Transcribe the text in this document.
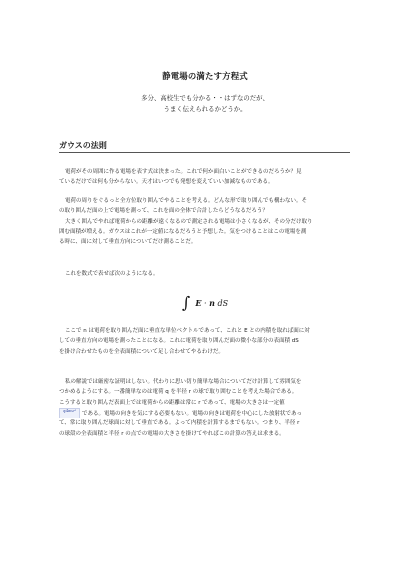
静電場の満たす方程式
多分、高校生でも分かる・・はずなのだが、
うまく伝えられるかどうか。
ガウスの法則
電荷がその周囲に作る電場を表す式は決まった。これで何か面白いことができるのだろうか？見
ているだけでは何も分からない。天才はいつでも発想を変えていい加減なものである。
電荷の周りをぐるっと全方位取り囲んでやることを考える。どんな形で取り囲んでも構わない。そ
の取り囲んだ面の上で電場を測って、これを面の全体で合計したらどうなるだろう？
大きく囲んでやれば電荷からの距離が遠くなるので測定される電場は小さくなるが、その分だけ取り
囲む面積が増える。ガウスはこれが一定値になるだろうと予想した。気をつけることはこの電場を測
る時に、面に対して垂直方向についてだけ測ることだ。
これを数式で表せば次のようになる。
∫ E · n dS
ここで n は電荷を取り囲んだ面に垂直な単位ベクトルであって、これと E との内積を取れば面に対
しての垂直方向の電場を測ったことになる。これに電荷を取り囲んだ面の微小な部分の表面積 dS
を掛け合わせたものを全表面積について足し合わせてやるわけだ。
私の解説では厳密な証明はしない。代わりに思い切り簡単な場合についてだけ計算して雰囲気を
つかめるようにする。一番簡単なのは電荷 q を半径 r の球で取り囲むことを考えた場合である。
こうすると取り囲んだ表面上では電荷からの距離は常に r であって、電場の大きさは一定値
q/4πε₀r² である。電場の向きを気にする必要もない。電場の向きは電荷を中心にした放射状であっ
て、常に取り囲んだ球面に対して垂直である。よって内積を計算するまでもない。つまり、半径 r
の球殻の全表面積と半径 r の点での電場の大きさを掛けてやればこの計算の答えは求まる。
